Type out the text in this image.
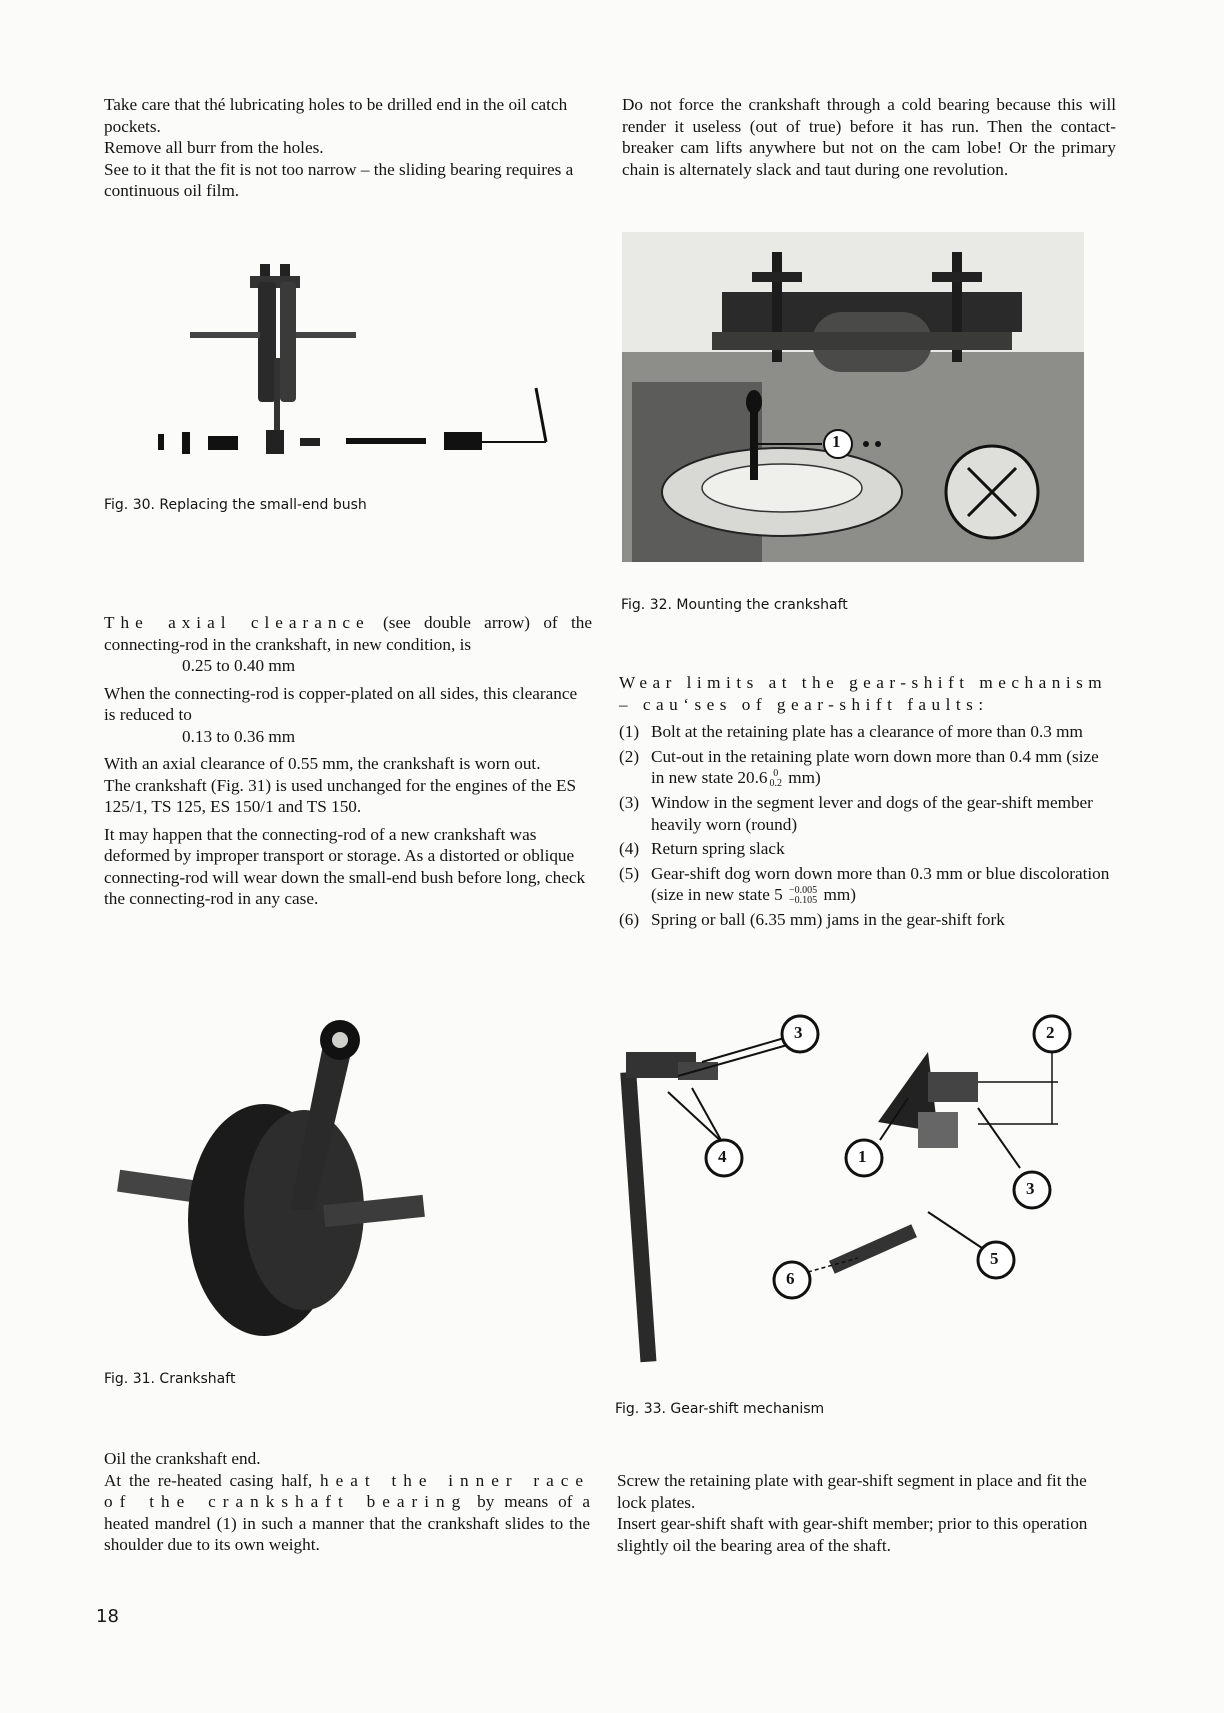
Take care that thé lubricating holes to be drilled end in the oil catch pockets.

Remove all burr from the holes.

See to it that the fit is not too narrow – the sliding bearing requires a continuous oil film.

Do not force the crankshaft through a cold bearing because this will render it useless (out of true) before it has run. Then the contact-breaker cam lifts anywhere but not on the cam lobe! Or the primary chain is alternately slack and taut during one revolution.

Fig. 30. Replacing the small-end bush
1
Fig. 32. Mounting the crankshaft

The axial clearance (see double arrow) of the connecting-rod in the crankshaft, in new condition, is

0.25 to 0.40 mm

When the connecting-rod is copper-plated on all sides, this clearance is reduced to

0.13 to 0.36 mm

With an axial clearance of 0.55 mm, the crankshaft is worn out.

The crankshaft (Fig. 31) is used unchanged for the engines of the ES 125/1, TS 125, ES 150/1 and TS 150.

It may happen that the connecting-rod of a new crankshaft was deformed by improper transport or storage. As a distorted or oblique connecting-rod will wear down the small-end bush before long, check the connecting-rod in any case.

Wear limits at the gear-shift mechanism – cauʻses of gear-shift faults:

(1) Bolt at the retaining plate has a clearance of more than 0.3 mm
(2) Cut-out in the retaining plate worn down more than 0.4 mm (size in new state 20.6 0
0.2 mm)
(3) Window in the segment lever and dogs of the gear-shift member heavily worn (round)
(4) Return spring slack
(5) Gear-shift dog worn down more than 0.3 mm or blue discoloration (size in new state 5 −0.005
−0.105 mm)
(6) Spring or ball (6.35 mm) jams in the gear-shift fork
Fig. 31. Crankshaft
3	2
4	1
3
5
6
Fig. 33. Gear-shift mechanism

Oil the crankshaft end.

At the re-heated casing half, heat the inner race of the crankshaft bearing by means of a heated mandrel (1) in such a manner that the crankshaft slides to the shoulder due to its own weight.

Screw the retaining plate with gear-shift segment in place and fit the lock plates.

Insert gear-shift shaft with gear-shift member; prior to this operation slightly oil the bearing area of the shaft.

18
